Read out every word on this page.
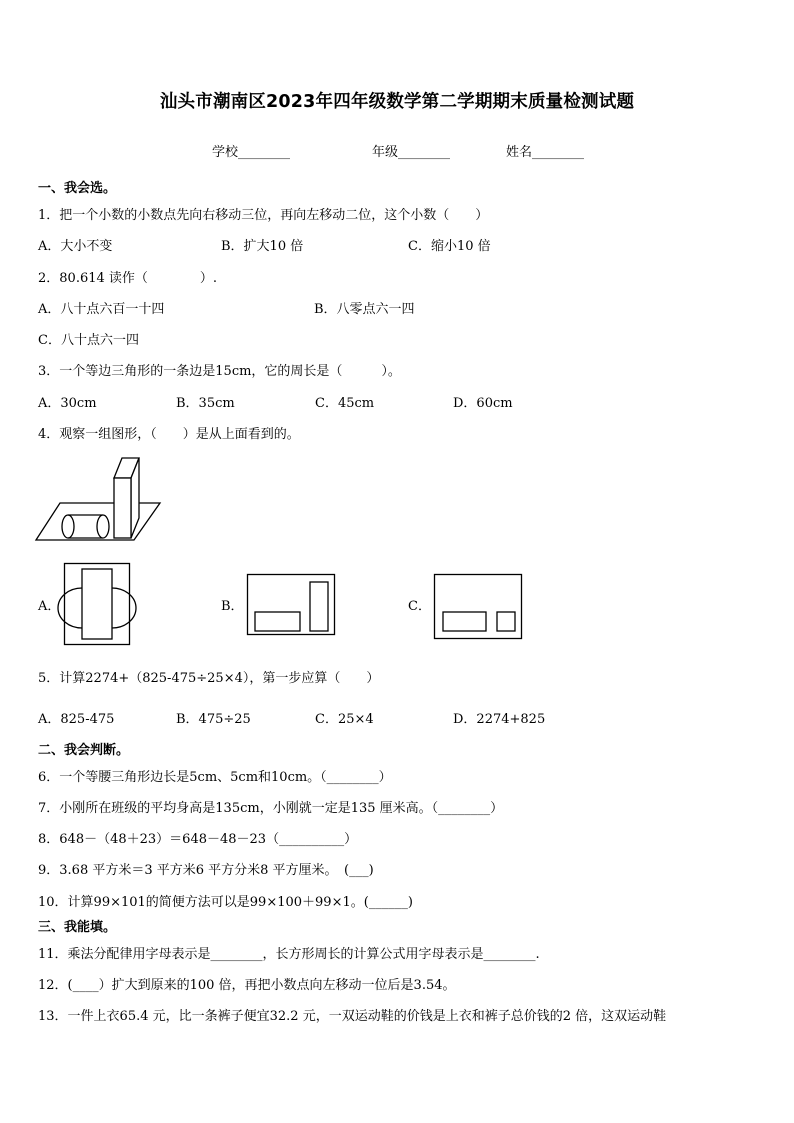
汕头市潮南区2023年四年级数学第二学期期末质量检测试题
学校________	年级________	姓名________
一、我会选。
1．把一个小数的小数点先向右移动三位，再向左移动二位，这个小数（　　）
A．大小不变	B．扩大10 倍	C．缩小10 倍
2．80.614 读作（　　　　）.
A．八十点六百一十四	B．八零点六一四
C．八十点六一四
3．一个等边三角形的一条边是15cm，它的周长是（　　　）。
A．30cm	B．35cm	C．45cm	D．60cm
4．观察一组图形，（　　）是从上面看到的。
A．	B．	C．
5．计算2274+（825-475÷25×4），第一步应算（　　）
A．825-475	B．475÷25	C．25×4	D．2274+825
二、我会判断。
6．一个等腰三角形边长是5cm、5cm和10cm。（________）
7．小刚所在班级的平均身高是135cm，小刚就一定是135 厘米高。（________）
8．648－（48＋23）＝648－48－23（__________）
9．3.68 平方米＝3 平方米6 平方分米8 平方厘米。　(___)
10．计算99×101的简便方法可以是99×100＋99×1。(______)
三、我能填。
11．乘法分配律用字母表示是________，长方形周长的计算公式用字母表示是________.
12．(____）扩大到原来的100 倍，再把小数点向左移动一位后是3.54。
13．一件上衣65.4 元，比一条裤子便宜32.2 元，一双运动鞋的价钱是上衣和裤子总价钱的2 倍，这双运动鞋
